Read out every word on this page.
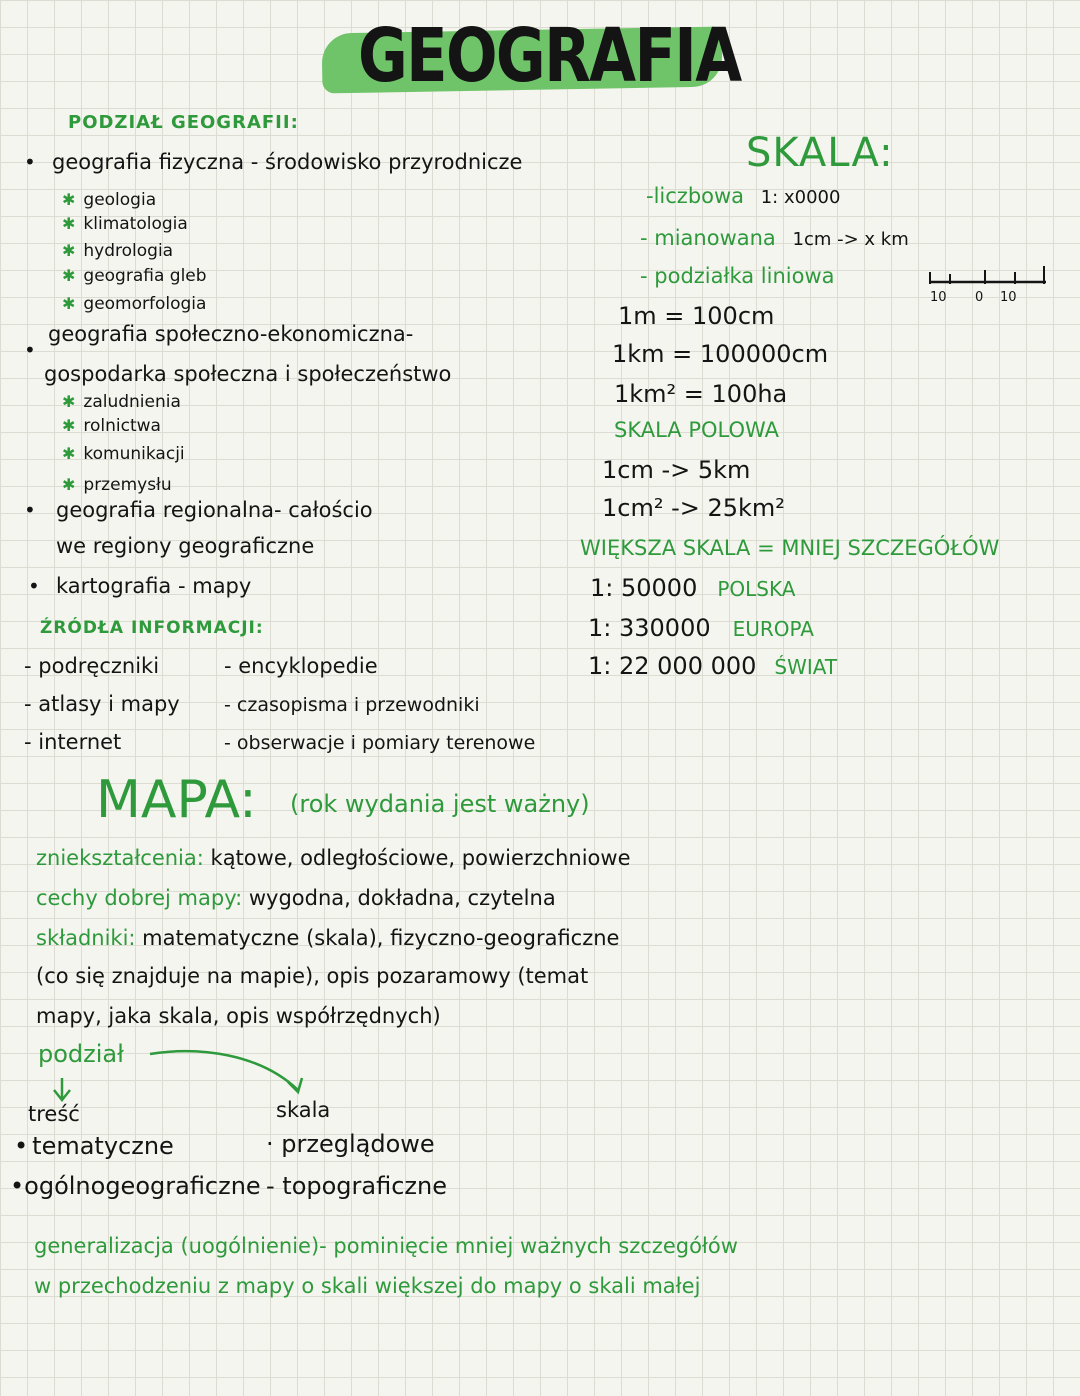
GEOGRAFIA
PODZIAŁ GEOGRAFII:
• geografia fizyczna - środowisko przyrodnicze
✱ geologia
✱ klimatologia
✱ hydrologia
✱ geografia gleb
✱ geomorfologia
•
geografia społeczno-ekonomiczna-
gospodarka społeczna i społeczeństwo
✱ zaludnienia
✱ rolnictwa
✱ komunikacji
✱ przemysłu
• geografia regionalna- całościo
we regiony geograficzne
• kartografia - mapy
ŹRÓDŁA INFORMACJI:
- podręczniki
- atlasy i mapy
- internet
- encyklopedie
- czasopisma i przewodniki
- obserwacje i pomiary terenowe
SKALA:
-liczbowa 1: x0000
- mianowana 1cm -> x km
- podziałka liniowa
10 0 10
1m = 100cm
1km = 100000cm
1km² = 100ha
SKALA POLOWA
1cm -> 5km
1cm² -> 25km²
WIĘKSZA SKALA = MNIEJ SZCZEGÓŁÓW
1: 50000 POLSKA
1: 330000 EUROPA
1: 22 000 000 ŚWIAT
MAPA: (rok wydania jest ważny)
zniekształcenia: kątowe, odległościowe, powierzchniowe
cechy dobrej mapy: wygodna, dokładna, czytelna
składniki: matematyczne (skala), fizyczno-geograficzne
(co się znajduje na mapie), opis pozaramowy (temat
mapy, jaka skala, opis współrzędnych)
podział
treść
• tematyczne
•ogólnogeograficzne
skala
· przeglądowe
- topograficzne
generalizacja (uogólnienie)- pominięcie mniej ważnych szczegółów
w przechodzeniu z mapy o skali większej do mapy o skali małej
